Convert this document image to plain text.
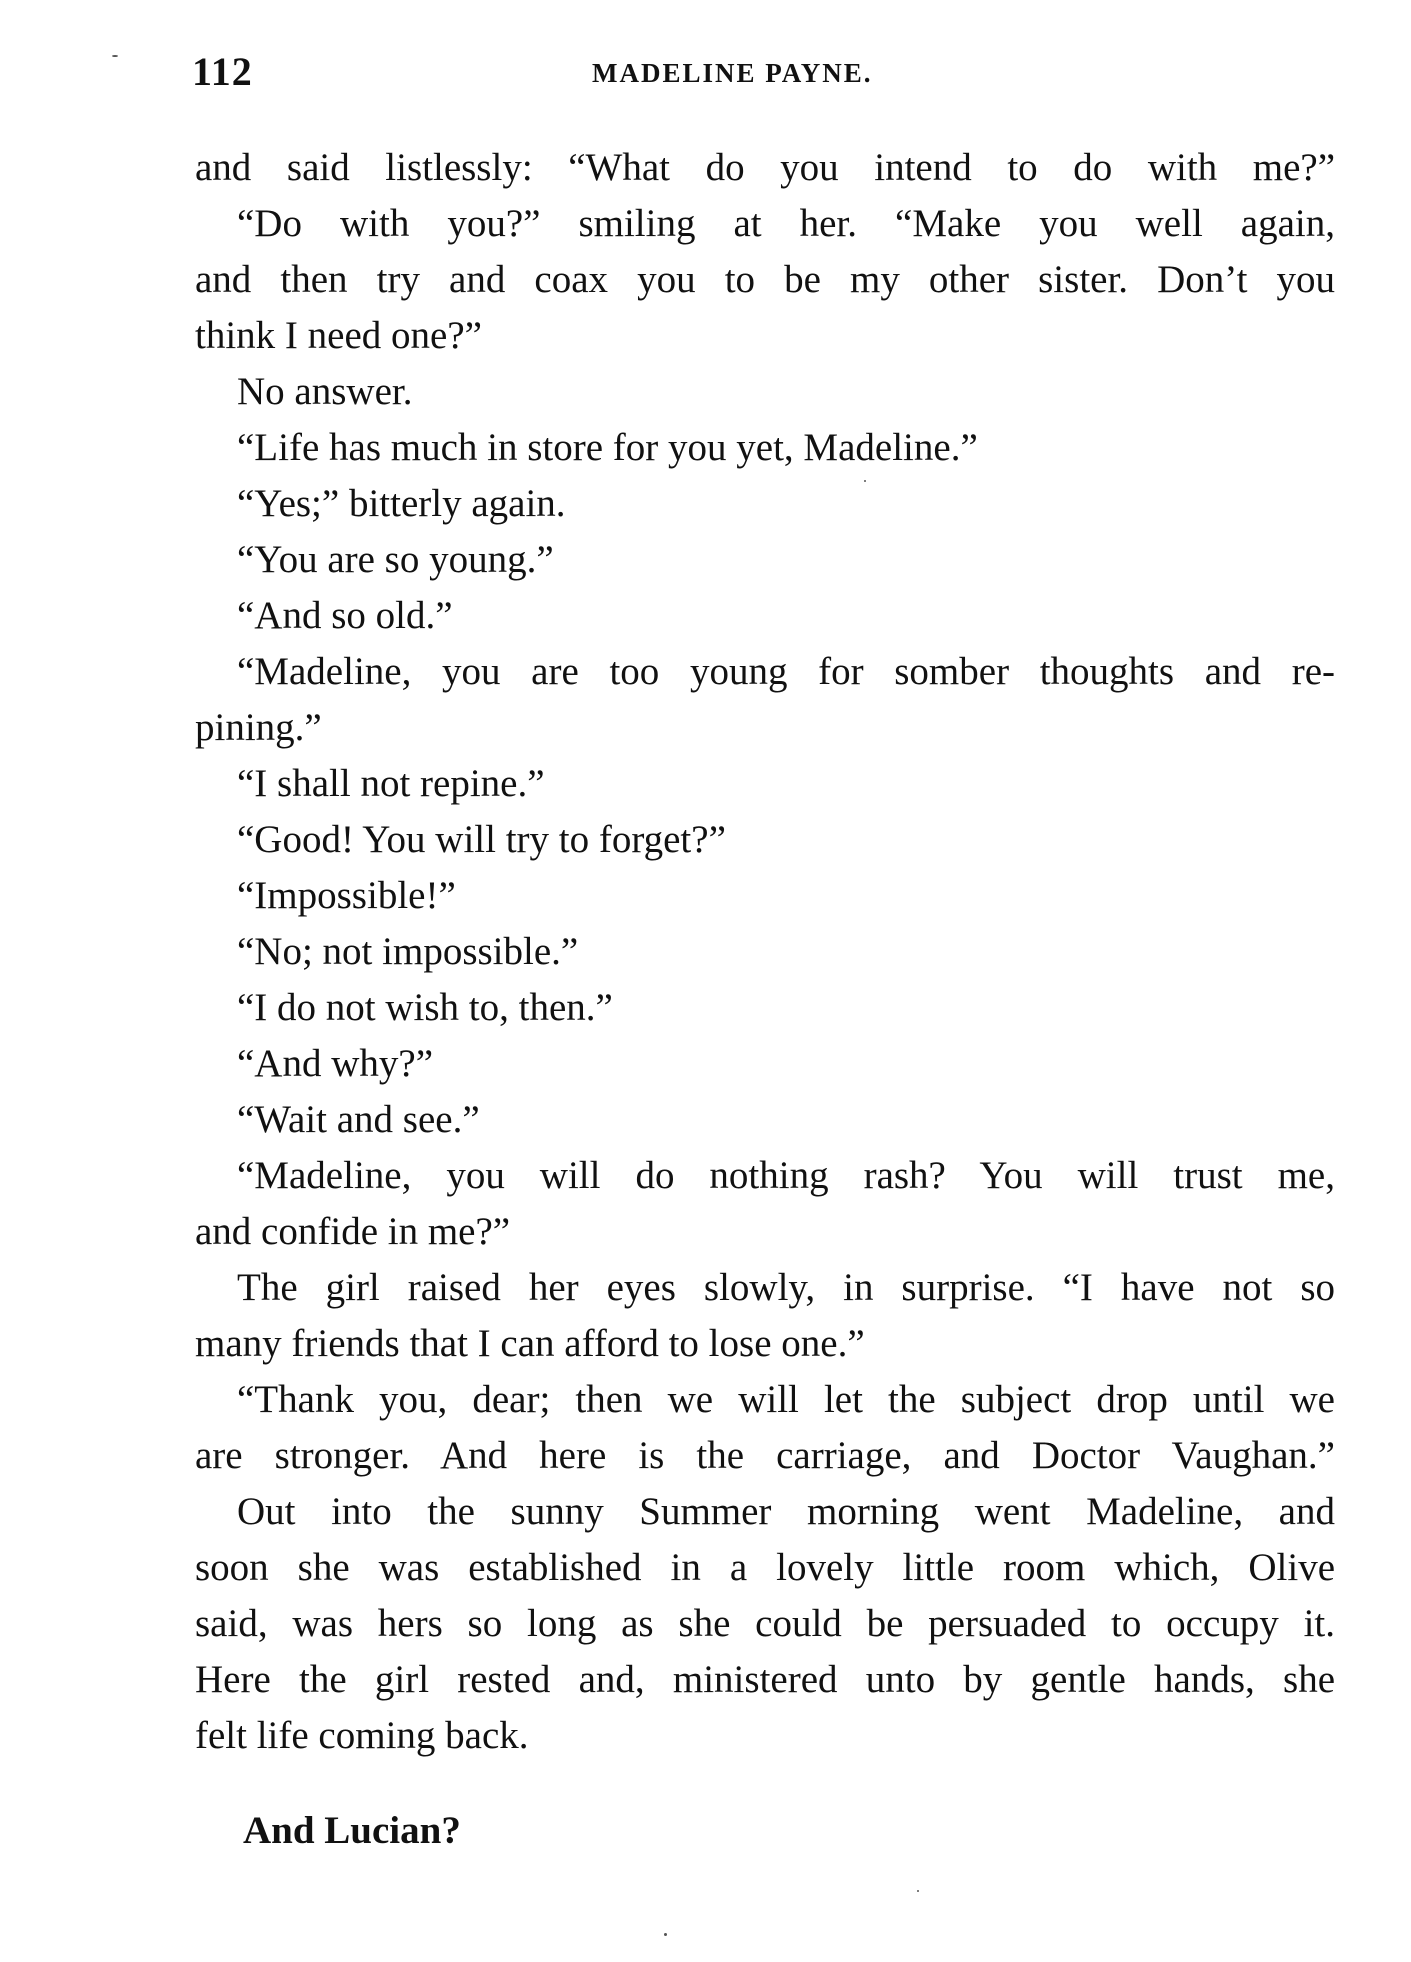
112	MADELINE PAYNE.
and said listlessly: “What do you intend to do with me?”
“Do with you?” smiling at her. “Make you well again,
and then try and coax you to be my other sister. Don’t you
think I need one?”
No answer.
“Life has much in store for you yet, Madeline.”
“Yes;” bitterly again.
“You are so young.”
“And so old.”
“Madeline, you are too young for somber thoughts and re-
pining.”
“I shall not repine.”
“Good! You will try to forget?”
“Impossible!”
“No; not impossible.”
“I do not wish to, then.”
“And why?”
“Wait and see.”
“Madeline, you will do nothing rash? You will trust me,
and confide in me?”
The girl raised her eyes slowly, in surprise. “I have not so
many friends that I can afford to lose one.”
“Thank you, dear; then we will let the subject drop until we
are stronger. And here is the carriage, and Doctor Vaughan.”
Out into the sunny Summer morning went Madeline, and
soon she was established in a lovely little room which, Olive
said, was hers so long as she could be persuaded to occupy it.
Here the girl rested and, ministered unto by gentle hands, she
felt life coming back.
And Lucian?
